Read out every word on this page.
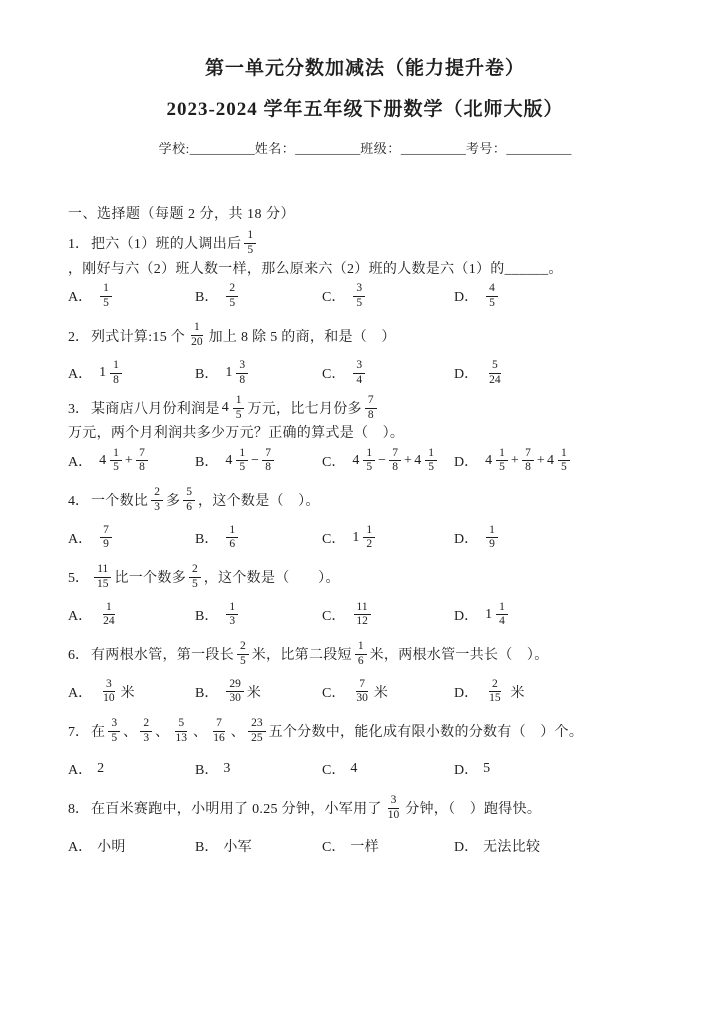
第一单元分数加减法（能力提升卷）
2023-2024 学年五年级下册数学（北师大版）
学校:__________姓名：__________班级：__________考号：__________
一、选择题（每题 2 分，共 18 分）
1． 把六（1）班的人调出后 $\frac{1}{5}$
，刚好与六（2）班人数一样，那么原来六（2）班的人数是六（1）的______。
A． $\frac{1}{5}$	B． $\frac{2}{5}$	C． $\frac{3}{5}$	D． $\frac{4}{5}$
2． 列式计算:15 个 $\frac{1}{20}$ 加上 8 除 5 的商，和是（　）
A． $1 \frac{1}{8}$	B． $1 \frac{3}{8}$	C． $\frac{3}{4}$	D． $\frac{5}{24}$
3． 某商店八月份利润是 $4 \frac{1}{5}$ 万元，比七月份多 $\frac{7}{8}$
万元，两个月利润共多少万元？正确的算式是（　）。
A． $4 \frac{1}{5} + \frac{7}{8}$	B． $4 \frac{1}{5} - \frac{7}{8}$	C． $4 \frac{1}{5} - \frac{7}{8} + 4 \frac{1}{5}$ D． $4 \frac{1}{5} + \frac{7}{8} + 4 \frac{1}{5}$
4． 一个数比 $\frac{2}{3}$ 多 $\frac{5}{6}$ ，这个数是（　）。
A． $\frac{7}{9}$	B． $\frac{1}{6}$	C． $1 \frac{1}{2}$	D． $\frac{1}{9}$
5． $\frac{11}{15}$ 比一个数多 $\frac{2}{5}$ ，这个数是（　　）。
A． $\frac{1}{24}$	B． $\frac{1}{3}$	C． $\frac{11}{12}$	D． $1 \frac{1}{4}$
6． 有两根水管，第一段长 $\frac{2}{5}$ 米，比第二段短 $\frac{1}{6}$ 米，两根水管一共长（　）。
A． $\frac{3}{10}$ 米	B． $\frac{29}{30}$ 米	C． $\frac{7}{30}$ 米	D． $\frac{2}{15}$ 米
7． 在 $\frac{3}{5}$ 、 $\frac{2}{3}$ 、 $\frac{5}{13}$ 、 $\frac{7}{16}$ 、 $\frac{23}{25}$ 五个分数中，能化成有限小数的分数有（　）个。
A． 2	B． 3	C． 4	D． 5
8． 在百米赛跑中，小明用了 0.25 分钟，小军用了 $\frac{3}{10}$ 分钟，（　）跑得快。
A． 小明	B． 小军	C． 一样	D． 无法比较
